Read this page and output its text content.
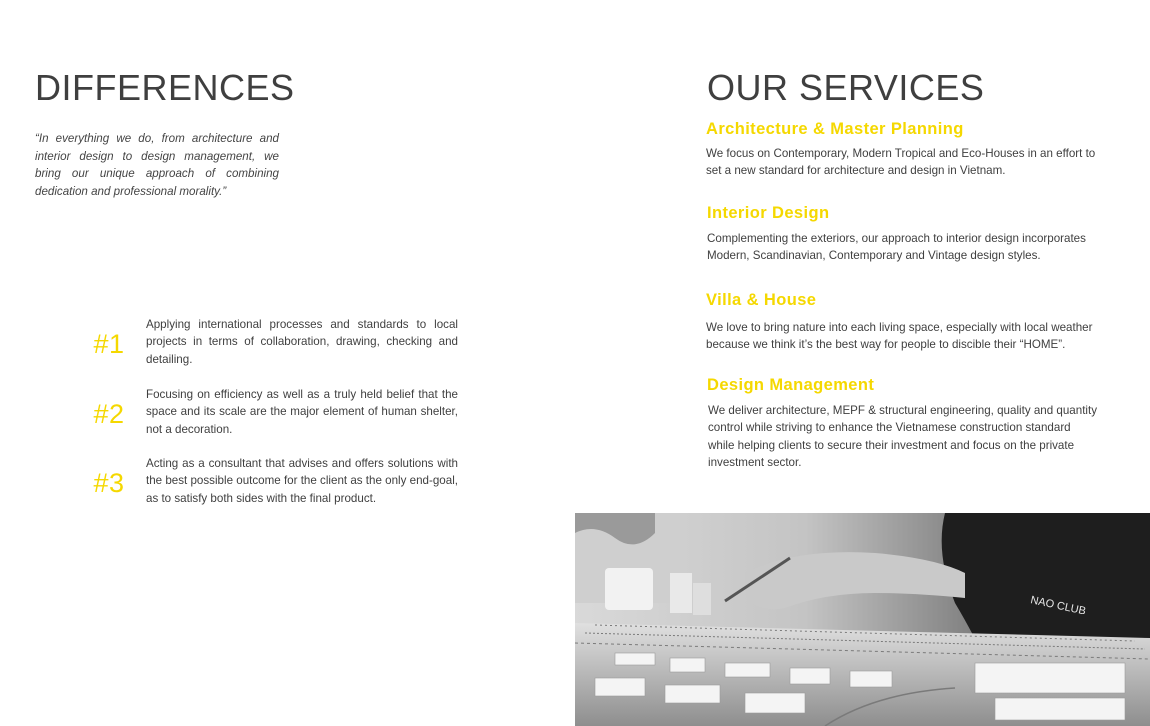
DIFFERENCES

“In everything we do, from architecture and interior design to design management, we bring our unique approach of combining dedication and professional morality.”

#1

Applying international processes and standards to local projects in terms of collaboration, drawing, checking and detailing.

#2

Focusing on efficiency as well as a truly held belief that the space and its scale are the major element of human shelter, not a decoration.

#3

Acting as a consultant that advises and offers solutions with the best possible outcome for the client as the only end-goal, as to satisfy both sides with the final product.

OUR SERVICES
Architecture & Master Planning

We focus on Contemporary, Modern Tropical and Eco-Houses in an effort to set a new standard for architecture and design in Vietnam.

Interior Design

Complementing the exteriors, our approach to interior design incorporates Modern, Scandinavian, Contemporary and Vintage design styles.

Villa & House

We love to bring nature into each living space, especially with local weather because we think it’s the best way for people to discible their “HOME”.

Design Management

We deliver architecture, MEPF & structural engineering, quality and quantity control while striving to enhance the Vietnamese construction standard while helping clients to secure their investment and focus on the private investment sector.

NAO CLUB
